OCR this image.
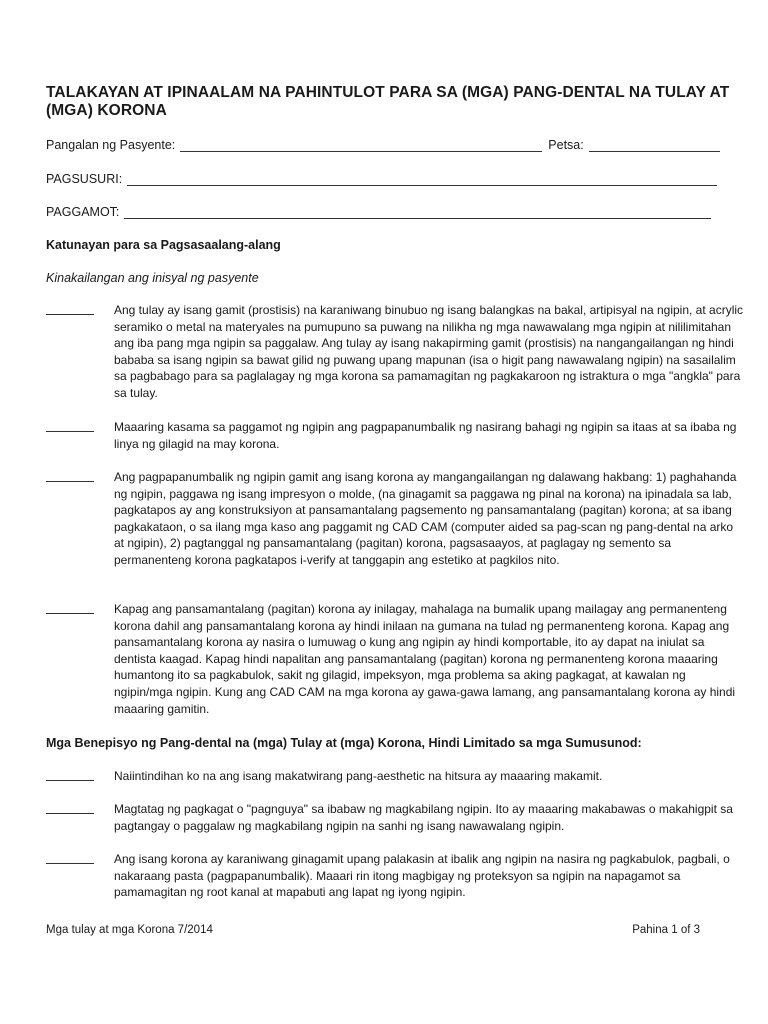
TALAKAYAN AT IPINAALAM NA PAHINTULOT PARA SA (MGA) PANG-DENTAL NA TULAY AT (MGA) KORONA
Pangalan ng Pasyente:	Petsa:
PAGSUSURI:
PAGGAMOT:
Katunayan para sa Pagsasaalang-alang
Kinakailangan ang inisyal ng pasyente
Ang tulay ay isang gamit (prostisis) na karaniwang binubuo ng isang balangkas na bakal, artipisyal na ngipin, at acrylic seramiko o metal na materyales na pumupuno sa puwang na nilikha ng mga nawawalang mga ngipin at nililimitahan ang iba pang mga ngipin sa paggalaw. Ang tulay ay isang nakapirming gamit (prostisis) na nangangailangan ng hindi bababa sa isang ngipin sa bawat gilid ng puwang upang mapunan (isa o higit pang nawawalang ngipin) na sasailalim sa pagbabago para sa paglalagay ng mga korona sa pamamagitan ng pagkakaroon ng istraktura o mga "angkla" para sa tulay.
Maaaring kasama sa paggamot ng ngipin ang pagpapanumbalik ng nasirang bahagi ng ngipin sa itaas at sa ibaba ng linya ng gilagid na may korona.
Ang pagpapanumbalik ng ngipin gamit ang isang korona ay mangangailangan ng dalawang hakbang: 1) paghahanda ng ngipin, paggawa ng isang impresyon o molde, (na ginagamit sa paggawa ng pinal na korona) na ipinadala sa lab, pagkatapos ay ang konstruksiyon at pansamantalang pagsemento ng pansamantalang (pagitan) korona; at sa ibang pagkakataon, o sa ilang mga kaso ang paggamit ng CAD CAM (computer aided sa pag-scan ng pang-dental na arko at ngipin), 2) pagtanggal ng pansamantalang (pagitan) korona, pagsasaayos, at paglagay ng semento sa permanenteng korona pagkatapos i-verify at tanggapin ang estetiko at pagkilos nito.
Kapag ang pansamantalang (pagitan) korona ay inilagay, mahalaga na bumalik upang mailagay ang permanenteng korona dahil ang pansamantalang korona ay hindi inilaan na gumana na tulad ng permanenteng korona. Kapag ang pansamantalang korona ay nasira o lumuwag o kung ang ngipin ay hindi komportable, ito ay dapat na iniulat sa dentista kaagad. Kapag hindi napalitan ang pansamantalang (pagitan) korona ng permanenteng korona maaaring humantong ito sa pagkabulok, sakit ng gilagid, impeksyon, mga problema sa aking pagkagat, at kawalan ng ngipin/mga ngipin. Kung ang CAD CAM na mga korona ay gawa-gawa lamang, ang pansamantalang korona ay hindi maaaring gamitin.
Mga Benepisyo ng Pang-dental na (mga) Tulay at (mga) Korona, Hindi Limitado sa mga Sumusunod:
Naiintindihan ko na ang isang makatwirang pang-aesthetic na hitsura ay maaaring makamit.
Magtatag ng pagkagat o "pagnguya" sa ibabaw ng magkabilang ngipin. Ito ay maaaring makabawas o makahigpit sa pagtangay o paggalaw ng magkabilang ngipin na sanhi ng isang nawawalang ngipin.
Ang isang korona ay karaniwang ginagamit upang palakasin at ibalik ang ngipin na nasira ng pagkabulok, pagbali, o nakaraang pasta (pagpapanumbalik). Maaari rin itong magbigay ng proteksyon sa ngipin na napagamot sa pamamagitan ng root kanal at mapabuti ang lapat ng iyong ngipin.
Mga tulay at mga Korona 7/2014	Pahina 1 of 3
